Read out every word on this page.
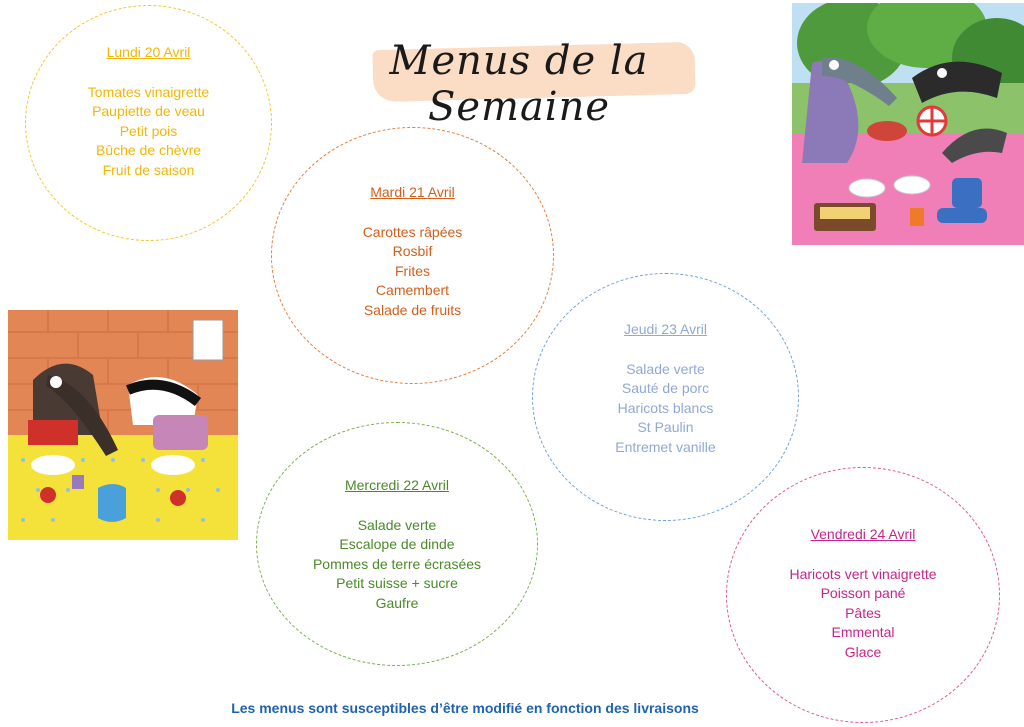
Menus de la Semaine
Lundi 20 Avril
Tomates vinaigrette
Paupiette de veau
Petit pois
Bûche de chèvre
Fruit de saison
Mardi 21 Avril
Carottes râpées
Rosbif
Frites
Camembert
Salade de fruits
Mercredi 22 Avril
Salade verte
Escalope de dinde
Pommes de terre écrasées
Petit suisse + sucre
Gaufre
Jeudi 23 Avril
Salade verte
Sauté de porc
Haricots blancs
St Paulin
Entremet vanille
Vendredi 24 Avril
Haricots vert vinaigrette
Poisson pané
Pâtes
Emmental
Glace
Les menus sont susceptibles d’être modifié en fonction des livraisons
